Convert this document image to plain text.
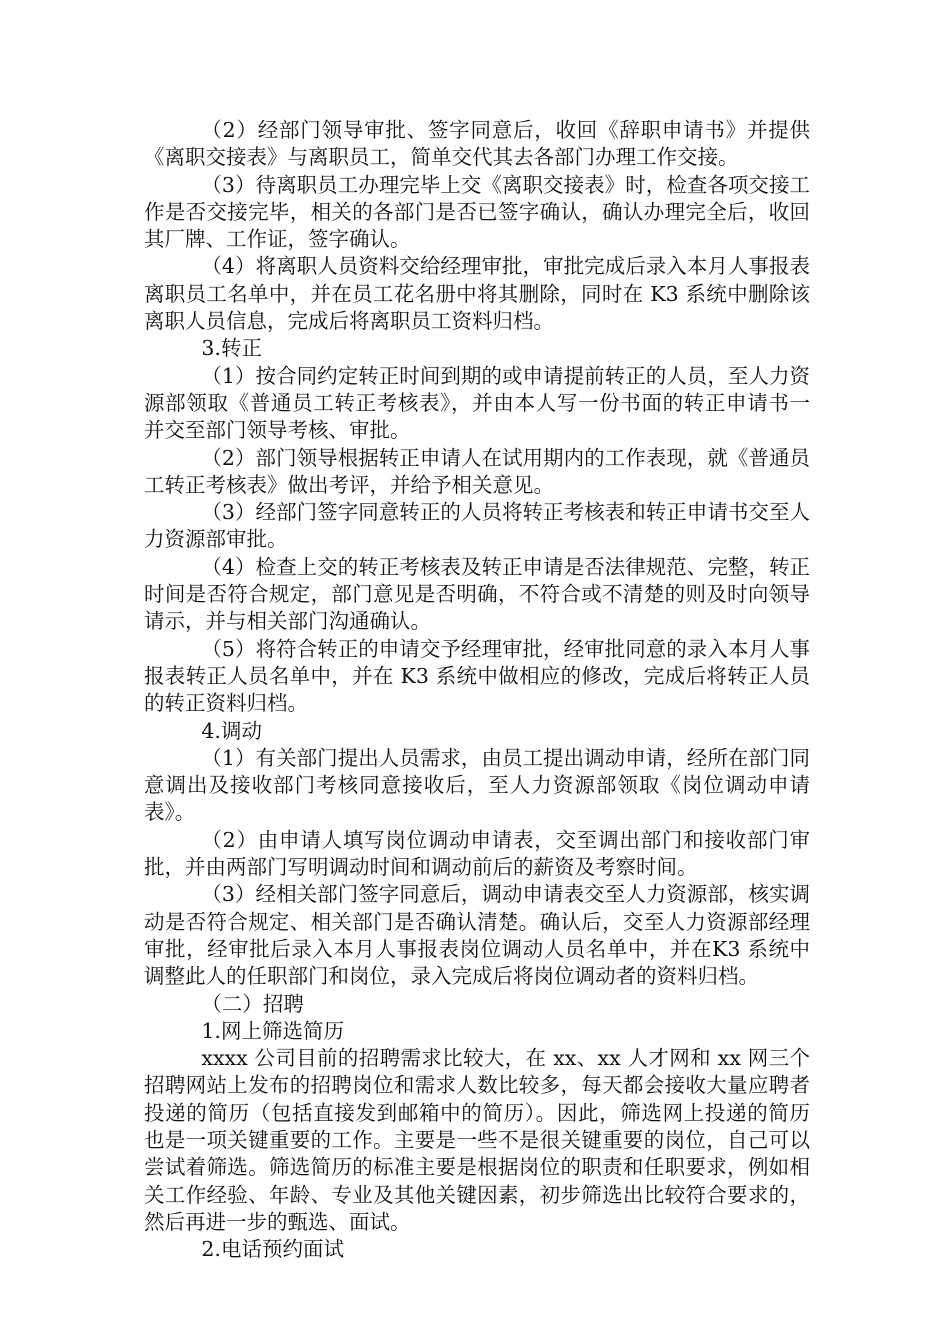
（2）经部门领导审批、签字同意后，收回《辞职申请书》并提供《离职交接表》与离职员工，简单交代其去各部门办理工作交接。

（3）待离职员工办理完毕上交《离职交接表》时，检查各项交接工作是否交接完毕，相关的各部门是否已签字确认，确认办理完全后，收回其厂牌、工作证，签字确认。

（4）将离职人员资料交给经理审批，审批完成后录入本月人事报表离职员工名单中，并在员工花名册中将其删除，同时在 K3 系统中删除该离职人员信息，完成后将离职员工资料归档。

3.转正

（1）按合同约定转正时间到期的或申请提前转正的人员，至人力资源部领取《普通员工转正考核表》，并由本人写一份书面的转正申请书一并交至部门领导考核、审批。

（2）部门领导根据转正申请人在试用期内的工作表现，就《普通员工转正考核表》做出考评，并给予相关意见。

（3）经部门签字同意转正的人员将转正考核表和转正申请书交至人力资源部审批。

（4）检查上交的转正考核表及转正申请是否法律规范、完整，转正时间是否符合规定，部门意见是否明确，不符合或不清楚的则及时向领导请示，并与相关部门沟通确认。

（5）将符合转正的申请交予经理审批，经审批同意的录入本月人事报表转正人员名单中，并在 K3 系统中做相应的修改，完成后将转正人员的转正资料归档。

4.调动

（1）有关部门提出人员需求，由员工提出调动申请，经所在部门同意调出及接收部门考核同意接收后，至人力资源部领取《岗位调动申请表》。

（2）由申请人填写岗位调动申请表，交至调出部门和接收部门审批，并由两部门写明调动时间和调动前后的薪资及考察时间。

（3）经相关部门签字同意后，调动申请表交至人力资源部，核实调动是否符合规定、相关部门是否确认清楚。确认后，交至人力资源部经理审批，经审批后录入本月人事报表岗位调动人员名单中，并在K3 系统中调整此人的任职部门和岗位，录入完成后将岗位调动者的资料归档。

（二）招聘

1.网上筛选简历

xxxx 公司目前的招聘需求比较大，在 xx、xx 人才网和 xx 网三个招聘网站上发布的招聘岗位和需求人数比较多，每天都会接收大量应聘者投递的简历（包括直接发到邮箱中的简历）。因此，筛选网上投递的简历也是一项关键重要的工作。主要是一些不是很关键重要的岗位，自己可以尝试着筛选。筛选简历的标准主要是根据岗位的职责和任职要求，例如相关工作经验、年龄、专业及其他关键因素，初步筛选出比较符合要求的，然后再进一步的甄选、面试。

2.电话预约面试
